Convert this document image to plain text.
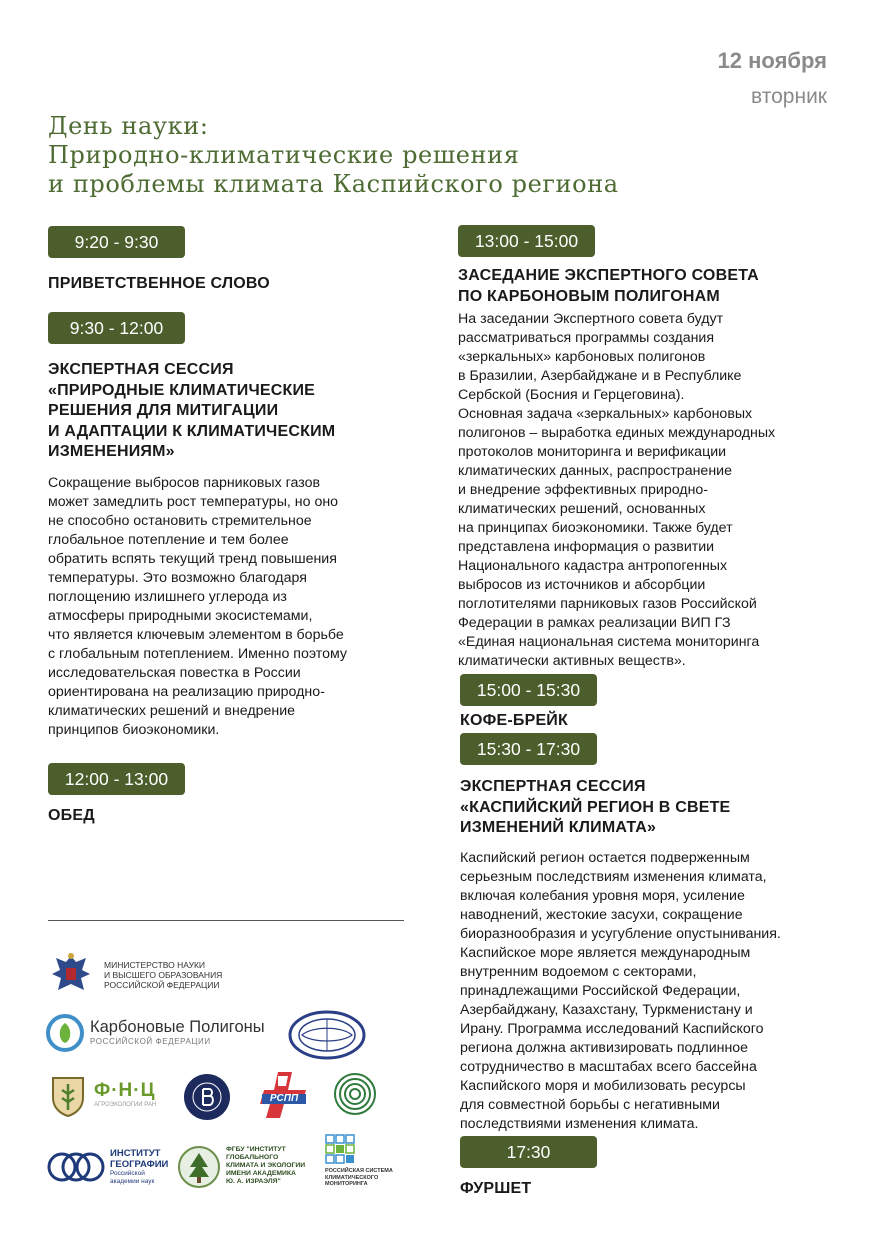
12 ноября
вторник
День науки:
Природно-климатические решения
и проблемы климата Каспийского региона
9:20 - 9:30
ПРИВЕТСТВЕННОЕ СЛОВО
9:30 - 12:00
ЭКСПЕРТНАЯ СЕССИЯ
«ПРИРОДНЫЕ КЛИМАТИЧЕСКИЕ
РЕШЕНИЯ ДЛЯ МИТИГАЦИИ
И АДАПТАЦИИ К КЛИМАТИЧЕСКИМ
ИЗМЕНЕНИЯМ»
Сокращение выбросов парниковых газов
может замедлить рост температуры, но оно
не способно остановить стремительное
глобальное потепление и тем более
обратить вспять текущий тренд повышения
температуры. Это возможно благодаря
поглощению излишнего углерода из
атмосферы природными экосистемами,
что является ключевым элементом в борьбе
с глобальным потеплением. Именно поэтому
исследовательская повестка в России
ориентирована на реализацию природно-
климатических решений и внедрение
принципов биоэкономики.
12:00 - 13:00
ОБЕД
13:00 - 15:00
ЗАСЕДАНИЕ ЭКСПЕРТНОГО СОВЕТА
ПО КАРБОНОВЫМ ПОЛИГОНАМ
На заседании Экспертного совета будут
рассматриваться программы создания
«зеркальных» карбоновых полигонов
в Бразилии, Азербайджане и в Республике
Сербской (Босния и Герцеговина).
Основная задача «зеркальных» карбоновых
полигонов – выработка единых международных
протоколов мониторинга и верификации
климатических данных, распространение
и внедрение эффективных природно-
климатических решений, основанных
на принципах биоэкономики. Также будет
представлена информация о развитии
Национального кадастра антропогенных
выбросов из источников и абсорбции
поглотителями парниковых газов Российской
Федерации в рамках реализации ВИП ГЗ
«Единая национальная система мониторинга
климатически активных веществ».
15:00 - 15:30
КОФЕ-БРЕЙК
15:30 - 17:30
ЭКСПЕРТНАЯ СЕССИЯ
«КАСПИЙСКИЙ РЕГИОН В СВЕТЕ
ИЗМЕНЕНИЙ КЛИМАТА»
Каспийский регион остается подверженным
серьезным последствиям изменения климата,
включая колебания уровня моря, усиление
наводнений, жестокие засухи, сокращение
биоразнообразия и усугубление опустынивания.
Каспийское море является международным
внутренним водоемом с секторами,
принадлежащими Российской Федерации,
Азербайджану, Казахстану, Туркменистану и
Ирану. Программа исследований Каспийского
региона должна активизировать подлинное
сотрудничество в масштабах всего бассейна
Каспийского моря и мобилизовать ресурсы
для совместной борьбы с негативными
последствиями изменения климата.
17:30
ФУРШЕТ
МИНИСТЕРСТВО НАУКИ
И ВЫСШЕГО ОБРАЗОВАНИЯ
РОССИЙСКОЙ ФЕДЕРАЦИИ
Карбоновые Полигоны
РОССИЙСКОЙ ФЕДЕРАЦИИ
Ф·Н·Ц
АГРОЭКОЛОГИИ РАН
РСПП
ИНСТИТУТ
ГЕОГРАФИИ
Российской
академии наук
ФГБУ "ИНСТИТУТ
ГЛОБАЛЬНОГО
КЛИМАТА И ЭКОЛОГИИ
ИМЕНИ АКАДЕМИКА
Ю. А. ИЗРАЭЛЯ"
РОССИЙСКАЯ СИСТЕМА
КЛИМАТИЧЕСКОГО
МОНИТОРИНГА
